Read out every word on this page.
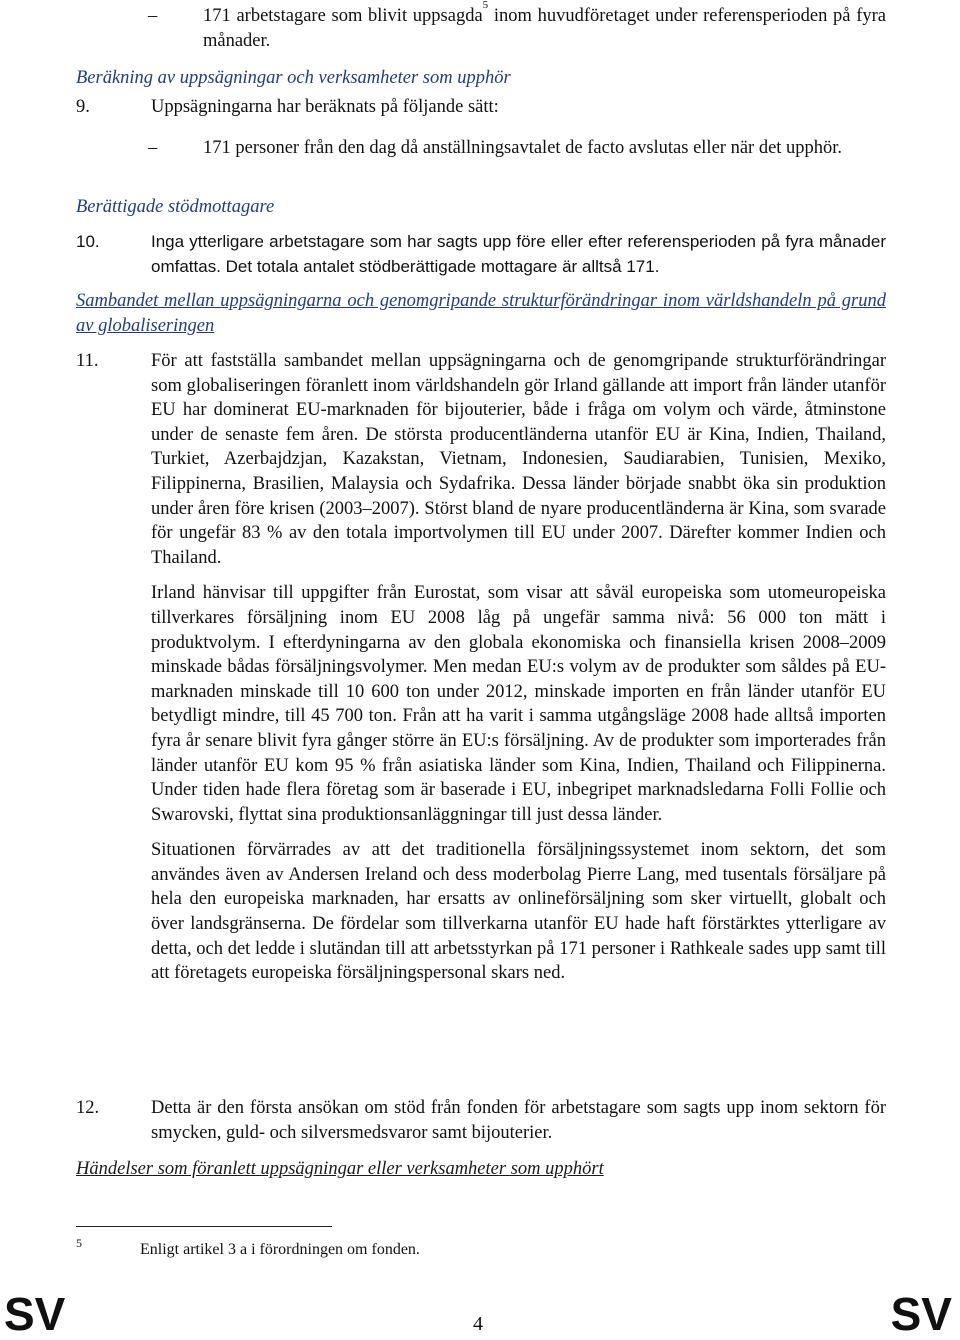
– 171 arbetstagare som blivit uppsagda$^5$ inom huvudföretaget under referensperioden på fyra månader.
Beräkning av uppsägningar och verksamheter som upphör
9.	Uppsägningarna har beräknats på följande sätt:
– 171 personer från den dag då anställningsavtalet de facto avslutas eller när det upphör.
Berättigade stödmottagare
10.	Inga ytterligare arbetstagare som har sagts upp före eller efter referensperioden på fyra månader omfattas. Det totala antalet stödberättigade mottagare är alltså 171.
Sambandet mellan uppsägningarna och genomgripande strukturförändringar inom världshandeln på grund av globaliseringen
11.	För att fastställa sambandet mellan uppsägningarna och de genomgripande strukturförändringar som globaliseringen föranlett inom världshandeln gör Irland gällande att import från länder utanför EU har dominerat EU-marknaden för bijouterier, både i fråga om volym och värde, åtminstone under de senaste fem åren. De största producentländerna utanför EU är Kina, Indien, Thailand, Turkiet, Azerbajdzjan, Kazakstan, Vietnam, Indonesien, Saudiarabien, Tunisien, Mexiko, Filippinerna, Brasilien, Malaysia och Sydafrika. Dessa länder började snabbt öka sin produktion under åren före krisen (2003–2007). Störst bland de nyare producentländerna är Kina, som svarade för ungefär 83 % av den totala importvolymen till EU under 2007. Därefter kommer Indien och Thailand.

Irland hänvisar till uppgifter från Eurostat, som visar att såväl europeiska som utomeuropeiska tillverkares försäljning inom EU 2008 låg på ungefär samma nivå: 56 000 ton mätt i produktvolym. I efterdyningarna av den globala ekonomiska och finansiella krisen 2008–2009 minskade bådas försäljningsvolymer. Men medan EU:s volym av de produkter som såldes på EU-marknaden minskade till 10 600 ton under 2012, minskade importen en från länder utanför EU betydligt mindre, till 45 700 ton. Från att ha varit i samma utgångsläge 2008 hade alltså importen fyra år senare blivit fyra gånger större än EU:s försäljning. Av de produkter som importerades från länder utanför EU kom 95 % från asiatiska länder som Kina, Indien, Thailand och Filippinerna. Under tiden hade flera företag som är baserade i EU, inbegripet marknadsledarna Folli Follie och Swarovski, flyttat sina produktionsanläggningar till just dessa länder.

Situationen förvärrades av att det traditionella försäljningssystemet inom sektorn, det som användes även av Andersen Ireland och dess moderbolag Pierre Lang, med tusentals försäljare på hela den europeiska marknaden, har ersatts av onlineförsäljning som sker virtuellt, globalt och över landsgränserna. De fördelar som tillverkarna utanför EU hade haft förstärktes ytterligare av detta, och det ledde i slutändan till att arbetsstyrkan på 171 personer i Rathkeale sades upp samt till att företagets europeiska försäljningspersonal skars ned.

12.	Detta är den första ansökan om stöd från fonden för arbetstagare som sagts upp inom sektorn för smycken, guld- och silversmedsvaror samt bijouterier.
Händelser som föranlett uppsägningar eller verksamheter som upphört
5	Enligt artikel 3 a i förordningen om fonden.
SV	4	SV
